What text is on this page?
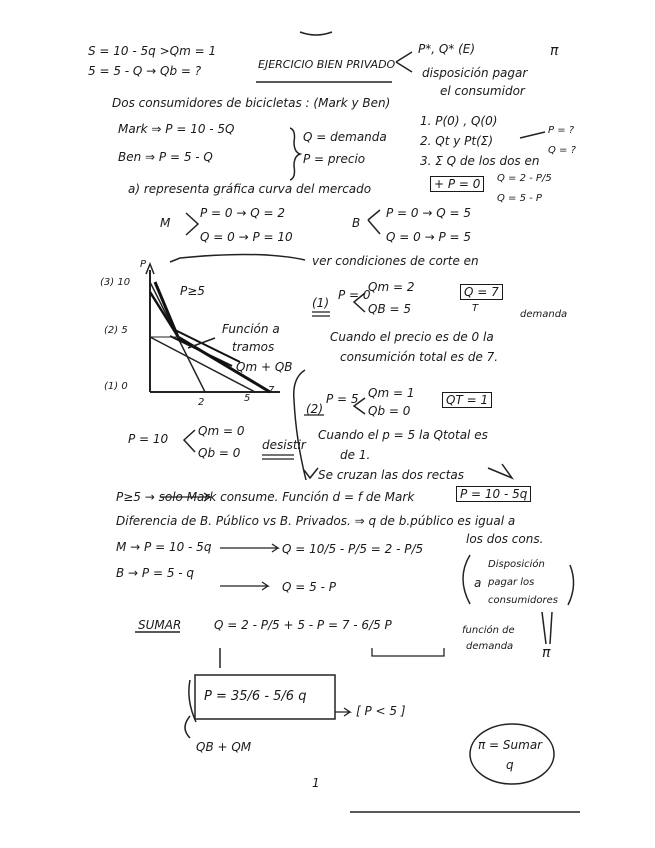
S = 10 - 5q >Qm = 1
5 = 5 - Q → Qb = ?	EJERCICIO BIEN PRIVADO
P*, Q* (E)
disposición pagar
el consumidor
π
Dos consumidores de bicicletas : (Mark y Ben)
Mark ⇒ P = 10 - 5Q
Ben ⇒ P = 5 - Q
Q = demanda
P = precio
1. P(0) , Q(0)
2. Qt y Pt(Σ)
3. Σ Q de los dos en
P = ?
Q = ?
a) representa gráfica curva del mercado	+ P = 0	Q = 2 - P/5
Q = 5 - P
M
P = 0 → Q = 2
Q = 0 → P = 10
B
P = 0 → Q = 5
Q = 0 → P = 5
ver condiciones de corte en
P
(3) 10
(2) 5
(1) 0
2	5
7
P≥5
Función a
tramos
Qm + QB
(1)
P = 0
Qm = 2
QB = 5
Q = 7
T
demanda
Cuando el precio es de 0 la
consumición total es de 7.
(2)
P = 5 Qm = 1
Qb = 0
QT = 1
Cuando el p = 5 la Qtotal es
de 1.
Se cruzan las dos rectas
P = 10
Qm = 0
Qb = 0
desistir
P≥5 → solo Mark consume. Función d = f de Mark	P = 10 - 5q
Diferencia de B. Público vs B. Privados. ⇒ q de b.público es igual a
los dos cons.
M → P = 10 - 5q	Q = 10/5 - P/5 = 2 - P/5
B → P = 5 - q
Q = 5 - P	a
Disposición
pagar los
consumidores
SUMAR	Q = 2 - P/5 + 5 - P = 7 - 6/5 P	función de
demanda π
P = 35/6 - 5/6 q
[ P < 5 ]
QB + QM	π = Sumar
q
1
